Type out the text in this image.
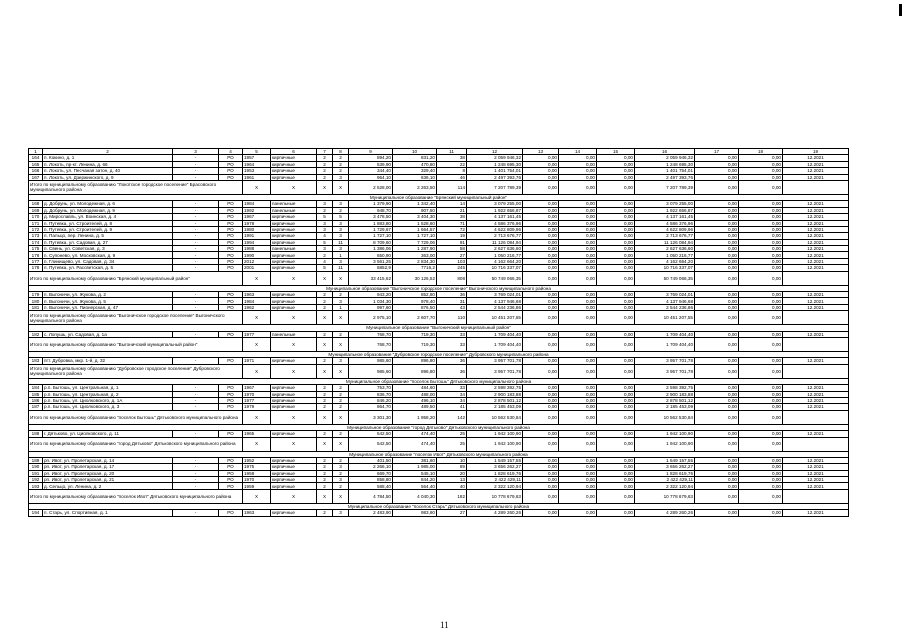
1	2	3	4	5	6	7	8	9	10	11	12	13	14	15	16	17	18	19
164	п. Кокино, д. 1	-	РО	1957	кирпичные	2	2	894,20	831,20	38	2 059 946,32	0,00	0,00	0,00	2 059 946,32	0,00	0,00	12.2021
165	п. Локоть, пр-кт. Ленина, д. 66	-	РО	1964	кирпичные	2	2	539,90	470,80	22	1 248 695,30	0,00	0,00	0,00	1 248 695,30	0,00	0,00	12.2021
166	п. Локоть, ул. Песчаная затон, д. 40	-	РО	1953	кирпичные	2	2	344,40	329,40	8	1 401 754,01	0,00	0,00	0,00	1 401 754,01	0,00	0,00	12.2021
167	п. Локоть, ул. Дзержинского, д. 9	-	РО	1961	кирпичные	2	3	964,10	636,10	46	2 497 393,76	0,00	0,00	0,00	2 497 393,76	0,00	0,00	12.2021
Итого по муниципальному образованию "Локотское городское поселение" Брасовского муниципального района				X	X	X	X	2 528,00	2 263,50	114	7 207 789,39	0,00	0,00	0,00	7 207 789,39	0,00	0,00	
Муниципальное образование "Брянский муниципальный район"																		
168	д. Добрунь, ул. Молодежная, д. 6	-	РО	1984	панельные	3	3	1 379,90	1 342,40	14	3 079 255,00	0,00	0,00	0,00	3 079 255,00	0,00	0,00	12.2021
169	д. Добрунь, ул. Молодежная, д. 9	-	РО	1992	панельные	2	2	948,70	907,50	21	1 922 656,87	0,00	0,00	0,00	1 922 656,87	0,00	0,00	12.2021
170	д. Мирославль, ул. Воинская, д. 4	-	РО	1967	кирпичные	5	5	3 478,50	3 404,30	38	4 137 161,45	0,00	0,00	0,00	4 137 161,45	0,00	0,00	12.2021
171	п. Путевка, ул. Строителей, д. 8	-	РО	1978	кирпичные	3	3	1 883,80	1 528,60	71	4 586 376,96	0,00	0,00	0,00	4 586 376,96	0,00	0,00	12.2021
172	п. Путевка, ул. Строителей, д. 9	-	РО	1980	кирпичные	3	3	1 729,67	1 664,57	72	4 622 809,96	0,00	0,00	0,00	4 622 809,96	0,00	0,00	12.2021
173	п. Пальцо, пер. Ленина, д. 5	-	РО	1991	кирпичные	4	3	1 727,10	1 727,10	19	2 713 676,77	0,00	0,00	0,00	2 713 676,77	0,00	0,00	12.2021
174	п. Путевка, ул. Садовая, д. 27	-	РО	1994	кирпичные	5	11	8 709,60	7 729,06	91	11 126 084,94	0,00	0,00	0,00	11 126 084,94	0,00	0,00	12.2021
175	п. Свень, ул. Советская, д. 3	-	РО	1988	панельные	3	3	1 386,06	1 287,90	58	2 627 636,60	0,00	0,00	0,00	2 627 636,60	0,00	0,00	12.2021
176	п. Супонево, ул. Московская, д. 9	-	РО	1990	кирпичные	2	1	650,90	363,00	27	1 050 216,77	0,00	0,00	0,00	1 050 216,77	0,00	0,00	12.2021
177	п. Глинищево, ул. Садовая, д. 34	-	РО	2012	кирпичные	4	3	3 561,25	2 834,30	103	4 162 664,20	0,00	0,00	0,00	4 162 664,20	0,00	0,00	12.2021
178	п. Путевка, ул. Рассветская, д. 5	-	РО	2001	кирпичные	5	11	6852,9	7716,2	245	10 716 337,07	0,00	0,00	0,00	10 716 337,07	0,00	0,00	12.2021
Итого по муниципальному образованию "Брянский муниципальный район"				X	X	X	X	33 415,62	30 126,52	808	50 749 066,35	0,00	0,00	0,00	50 749 066,35	0,00	0,00	
Муниципальное образование "Выгоничское городское поселение" Выгоничского муниципального района																		
179	п. Выгоничи, ул. Жукова, д. 2	-	РО	1963	кирпичные	2	2	943,20	852,80	36	3 769 024,01	0,00	0,00	0,00	3 769 024,01	0,00	0,00	12.2021
180	п. Выгоничи, ул. Жукова, д. 5	-	РО	1984	кирпичные	2	3	1 034,30	978,40	31	4 137 946,68	0,00	0,00	0,00	4 137 946,68	0,00	0,00	12.2021
181	п. Выгоничи, ул. Пионерская, д. 47	-	РО	1962	кирпичные	2	1	997,60	876,50	43	2 544 236,86	0,00	0,00	0,00	2 544 236,86	0,00	0,00	12.2021
Итого по муниципальному образованию "Выгоничское городское поселение" Выгоничского муниципального района				X	X	X	X	2 975,10	2 607,70	110	10 451 207,55	0,00	0,00	0,00	10 451 207,55	0,00	0,00	
Муниципальное образование "Выгоничский муниципальный район"																		
182	с. Лопушь, ул. Садовая, д. 1а	-	РО	1977	панельные	2	2	768,70	719,30	33	1 709 404,40	0,00	0,00	0,00	1 709 404,40	0,00	0,00	12.2021
Итого по муниципальному образованию "Выгоничский муниципальный район"				X	X	X	X	768,70	719,30	33	1 709 404,40	0,00	0,00	0,00	1 709 404,40	0,00	0,00	
Муниципальное образование "Дубровское городское поселение" Дубровского муниципального района																		
183	пгт. Дубровка, мкр. 1-й, д. 32	-	РО	1971	кирпичные	2	3	985,60	896,80	36	3 957 701,78	0,00	0,00	0,00	3 957 701,78	0,00	0,00	12.2021
Итого по муниципальному образованию "Дубровское городское поселение" Дубровского муниципального района				X	X	X	X	985,60	896,80	36	3 957 701,78	0,00	0,00	0,00	3 957 701,78	0,00	0,00	
Муниципальное образование "поселок Бытошь" Дятьковского муниципального района																		
184	р.п. Бытошь, ул. Центральная, д. 1	-	РО	1967	кирпичные	2	2	753,70	484,60	33	2 598 392,75	0,00	0,00	0,00	2 598 392,75	0,00	0,00	12.2021
185	р.п. Бытошь, ул. Центральная, д. 2	-	РО	1970	кирпичные	2	2	836,70	488,00	34	2 900 183,88	0,00	0,00	0,00	2 900 183,88	0,00	0,00	12.2021
186	р.п. Бытошь, ул. Циолковского, д. 1А	-	РО	1977	кирпичные	2	2	846,20	496,10	34	2 878 501,12	0,00	0,00	0,00	2 878 501,12	0,00	0,00	12.2021
187	р.п. Бытошь, ул. Циолковского, д. 3	-	РО	1979	кирпичные	2	2	864,70	489,50	41	2 185 453,09	0,00	0,00	0,00	2 185 453,09	0,00	0,00	12.2021
Итого по муниципальному образованию "поселок Бытошь" Дятьковского муниципального района				X	X	X	X	3 301,30	1 958,20	142	10 562 530,84	0,00	0,00	0,00	10 562 530,84	0,00	0,00	
Муниципальное образование "город Дятьково" Дятьковского муниципального района																		
188	г. Дятьково, ул. Циолковского, д. 11	-	РО	1965	кирпичные	2	2	542,50	474,40	25	1 942 100,90	0,00	0,00	0,00	1 942 100,90	0,00	0,00	12.2021
Итого по муниципальному образованию "город Дятьково" Дятьковского муниципального района				X	X	X	X	542,50	474,40	25	1 942 100,90	0,00	0,00	0,00	1 942 100,90	0,00	0,00	
Муниципальное образование "поселок Ивот" Дятьковского муниципального района																		
189	рп. Ивот, ул. Пролетарская, д. 14	-	РО	1952	кирпичные	2	2	401,50	381,60	10	1 549 157,55	0,00	0,00	0,00	1 549 157,55	0,00	0,00	12.2021
190	рп. Ивот, ул. Пролетарская, д. 17	-	РО	1975	кирпичные	2	3	2 266,10	1 985,00	89	3 656 262,27	0,00	0,00	0,00	3 656 262,27	0,00	0,00	12.2021
191	рп. Ивот, ул. Пролетарская, д. 20	-	РО	1958	кирпичные	2	2	669,70	545,10	20	1 828 619,76	0,00	0,00	0,00	1 828 619,76	0,00	0,00	12.2021
192	рп. Ивот, ул. Пролетарская, д. 21	-	РО	1970	кирпичные	2	3	858,80	844,20	13	2 422 429,11	0,00	0,00	0,00	2 422 429,11	0,00	0,00	12.2021
193	д. Сельцо, ул. Ленина, д. 2	-	РО	1959	кирпичные	2	2	588,40	564,40	40	2 322 120,94	0,00	0,00	0,00	2 322 120,94	0,00	0,00	12.2021
Итого по муниципальному образованию "поселок Ивот" Дятьковского муниципального района				X	X	X	X	4 784,50	4 040,30	182	10 778 679,63	0,00	0,00	0,00	10 778 679,63	0,00	0,00	
Муниципальное образование "поселок Старь" Дятьковского муниципального района																		
194	п. Старь, ул. Спортивная, д. 1	-	РО	1963	кирпичные	2	3	2 483,90	983,60	27	4 289 260,26	0,00	0,00	0,00	4 289 260,26	0,00	0,00	12.2021
11
